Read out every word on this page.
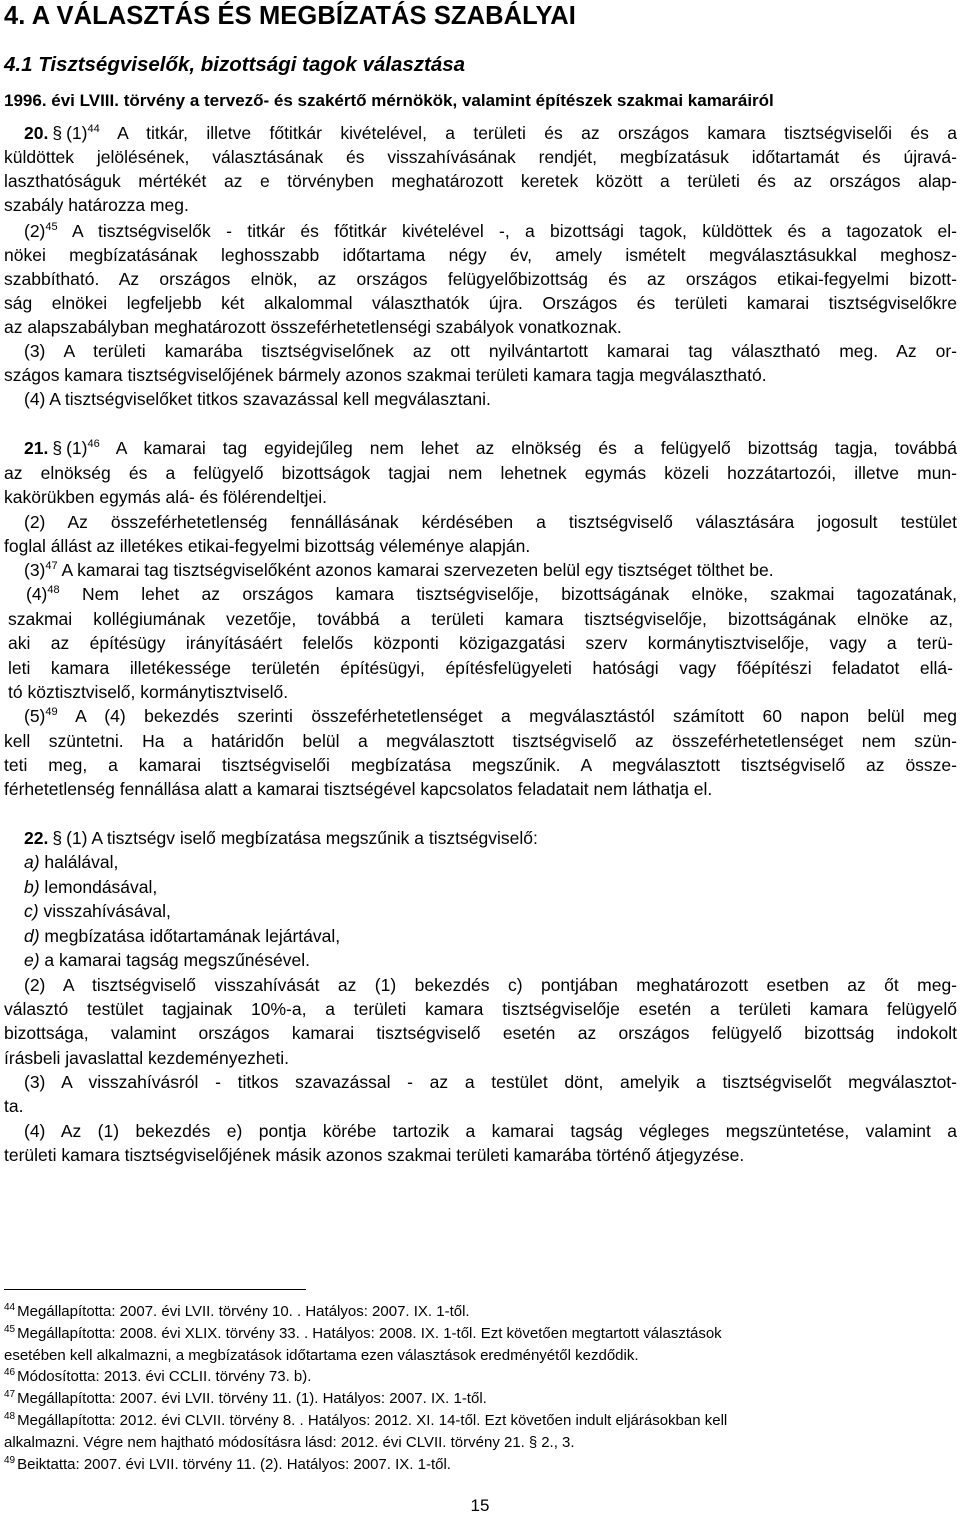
4. A VÁLASZTÁS ÉS MEGBÍZATÁS SZABÁLYAI
4.1 Tisztségviselők, bizottsági tagok választása
1996. évi LVIII. törvény a tervező- és szakértő mérnökök, valamint építészek szakmai kamaráiról
20. § $(1)^{44}$ A titkár, illetve főtitkár kivételével, a területi és az országos kamara tisztségviselői és a
küldöttek jelölésének, választásának és visszahívásának rendjét, megbízatásuk időtartamát és újravá-
laszthatóságuk mértékét az e törvényben meghatározott keretek között a területi és az országos alap-
szabály határozza meg.
$(2)^{45}$ A tisztségviselők - titkár és főtitkár kivételével -, a bizottsági tagok, küldöttek és a tagozatok el-
nökei megbízatásának leghosszabb időtartama négy év, amely ismételt megválasztásukkal meghosz-
szabbítható. Az országos elnök, az országos felügyelőbizottság és az országos etikai-fegyelmi bizott-
ság elnökei legfeljebb két alkalommal választhatók újra. Országos és területi kamarai tisztségviselőkre
az alapszabályban meghatározott összeférhetetlenségi szabályok vonatkoznak.
(3) A területi kamarába tisztségviselőnek az ott nyilvántartott kamarai tag választható meg. Az or-
szágos kamara tisztségviselőjének bármely azonos szakmai területi kamara tagja megválasztható.
(4) A tisztségviselőket titkos szavazással kell megválasztani.
21. § $(1)^{46}$ A kamarai tag egyidejűleg nem lehet az elnökség és a felügyelő bizottság tagja, továbbá
az elnökség és a felügyelő bizottságok tagjai nem lehetnek egymás közeli hozzátartozói, illetve mun-
kakörükben egymás alá- és fölérendeltjei.
(2) Az összeférhetetlenség fennállásának kérdésében a tisztségviselő választására jogosult testület
foglal állást az illetékes etikai-fegyelmi bizottság véleménye alapján.
$(3)^{47}$ A kamarai tag tisztségviselőként azonos kamarai szervezeten belül egy tisztséget tölthet be.
$(4)^{48}$ Nem lehet az országos kamara tisztségviselője, bizottságának elnöke, szakmai tagozatának,
szakmai kollégiumának vezetője, továbbá a területi kamara tisztségviselője, bizottságának elnöke az,
aki az építésügy irányításáért felelős központi közigazgatási szerv kormánytisztviselője, vagy a terü-
leti kamara illetékessége területén építésügyi, építésfelügyeleti hatósági vagy főépítészi feladatot ellá-
tó köztisztviselő, kormánytisztviselő.
$(5)^{49}$ A (4) bekezdés szerinti összeférhetetlenséget a megválasztástól számított 60 napon belül meg
kell szüntetni. Ha a határidőn belül a megválasztott tisztségviselő az összeférhetetlenséget nem szün-
teti meg, a kamarai tisztségviselői megbízatása megszűnik. A megválasztott tisztségviselő az össze-
férhetetlenség fennállása alatt a kamarai tisztségével kapcsolatos feladatait nem láthatja el.
22. § (1) A tisztségv iselő megbízatása megszűnik a tisztségviselő:
a) halálával,
b) lemondásával,
c) visszahívásával,
d) megbízatása időtartamának lejártával,
e) a kamarai tagság megszűnésével.
(2) A tisztségviselő visszahívását az (1) bekezdés c) pontjában meghatározott esetben az őt meg-
választó testület tagjainak 10%-a, a területi kamara tisztségviselője esetén a területi kamara felügyelő
bizottsága, valamint országos kamarai tisztségviselő esetén az országos felügyelő bizottság indokolt
írásbeli javaslattal kezdeményezheti.
(3) A visszahívásról - titkos szavazással - az a testület dönt, amelyik a tisztségviselőt megválasztot-
ta.
(4) Az (1) bekezdés e) pontja körébe tartozik a kamarai tagság végleges megszüntetése, valamint a
területi kamara tisztségviselőjének másik azonos szakmai területi kamarába történő átjegyzése.
$^{44}$ Megállapította: 2007. évi LVII. törvény 10. . Hatályos: 2007. IX. 1-től.
$^{45}$ Megállapította: 2008. évi XLIX. törvény 33. . Hatályos: 2008. IX. 1-től. Ezt követően megtartott választások
esetében kell alkalmazni, a megbízatások időtartama ezen választások eredményétől kezdődik.
$^{46}$ Módosította: 2013. évi CCLII. törvény 73. b).
$^{47}$ Megállapította: 2007. évi LVII. törvény 11. (1). Hatályos: 2007. IX. 1-től.
$^{48}$ Megállapította: 2012. évi CLVII. törvény 8. . Hatályos: 2012. XI. 14-től. Ezt követően indult eljárásokban kell
alkalmazni. Végre nem hajtható módosításra lásd: 2012. évi CLVII. törvény 21. § 2., 3.
$^{49}$ Beiktatta: 2007. évi LVII. törvény 11. (2). Hatályos: 2007. IX. 1-től.
15
